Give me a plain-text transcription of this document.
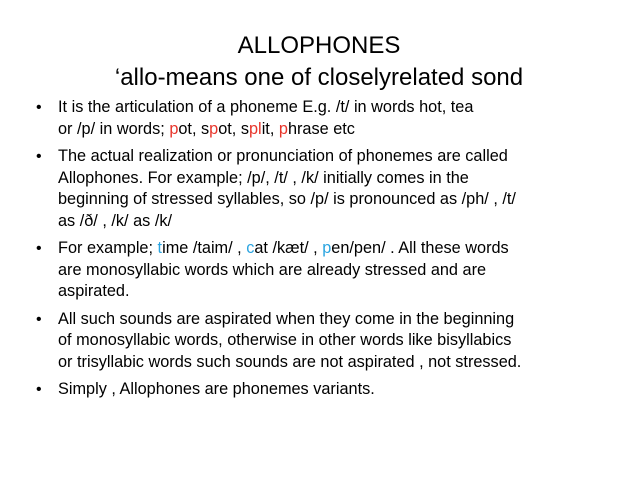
ALLOPHONES
‘allo-means one of closelyrelated sond
• It is the articulation of a phoneme E.g. /t/ in words hot, tea
or /p/ in words; pot, spot, split, phrase etc
• The actual realization or pronunciation of phonemes are called
Allophones. For example; /p/, /t/ , /k/ initially comes in the
beginning of stressed syllables, so /p/ is pronounced as /ph/ , /t/
as /ð/ , /k/ as /k/
• For example; time /taim/ , cat /kæt/ , pen/pen/ . All these words
are monosyllabic words which are already stressed and are
aspirated.
• All such sounds are aspirated when they come in the beginning
of monosyllabic words, otherwise in other words like bisyllabics
or trisyllabic words such sounds are not aspirated , not stressed.
• Simply , Allophones are phonemes variants.
